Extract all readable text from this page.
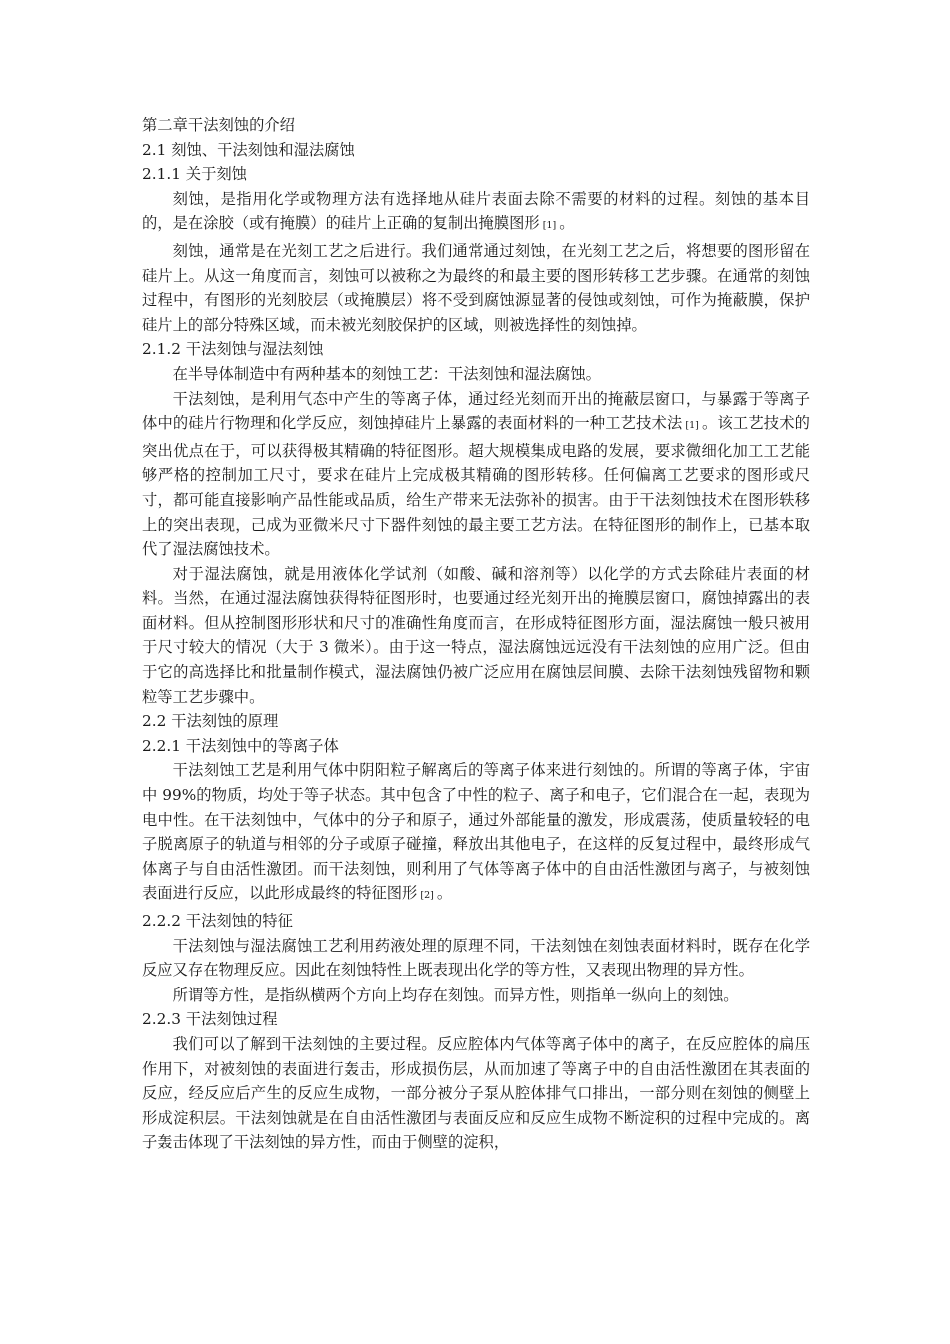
第二章干法刻蚀的介绍

2.1 刻蚀、干法刻蚀和湿法腐蚀

2.1.1 关于刻蚀

刻蚀，是指用化学或物理方法有选择地从硅片表面去除不需要的材料的过程。刻蚀的基本目的，是在涂胶（或有掩膜）的硅片上正确的复制出掩膜图形 [1] 。

刻蚀，通常是在光刻工艺之后进行。我们通常通过刻蚀，在光刻工艺之后，将想要的图形留在硅片上。从这一角度而言，刻蚀可以被称之为最终的和最主要的图形转移工艺步骤。在通常的刻蚀过程中，有图形的光刻胶层（或掩膜层）将不受到腐蚀源显著的侵蚀或刻蚀，可作为掩蔽膜，保护硅片上的部分特殊区域，而未被光刻胶保护的区域，则被选择性的刻蚀掉。

2.1.2 干法刻蚀与湿法刻蚀

在半导体制造中有两种基本的刻蚀工艺：干法刻蚀和湿法腐蚀。

干法刻蚀，是利用气态中产生的等离子体，通过经光刻而开出的掩蔽层窗口，与暴露于等离子体中的硅片行物理和化学反应，刻蚀掉硅片上暴露的表面材料的一种工艺技术法 [1] 。该工艺技术的突出优点在于，可以获得极其精确的特征图形。超大规模集成电路的发展，要求微细化加工工艺能够严格的控制加工尺寸，要求在硅片上完成极其精确的图形转移。任何偏离工艺要求的图形或尺寸，都可能直接影响产品性能或品质，给生产带来无法弥补的损害。由于干法刻蚀技术在图形轶移上的突出表现，己成为亚微米尺寸下器件刻蚀的最主要工艺方法。在特征图形的制作上，已基本取代了湿法腐蚀技术。

对于湿法腐蚀，就是用液体化学试剂（如酸、碱和溶剂等）以化学的方式去除硅片表面的材料。当然，在通过湿法腐蚀获得特征图形时，也要通过经光刻开出的掩膜层窗口，腐蚀掉露出的表面材料。但从控制图形形状和尺寸的准确性角度而言，在形成特征图形方面，湿法腐蚀一般只被用于尺寸较大的情况（大于 3 微米）。由于这一特点，湿法腐蚀远远没有干法刻蚀的应用广泛。但由于它的高选择比和批量制作模式，湿法腐蚀仍被广泛应用在腐蚀层间膜、去除干法刻蚀残留物和颗粒等工艺步骤中。

2.2 干法刻蚀的原理

2.2.1 干法刻蚀中的等离子体

干法刻蚀工艺是利用气体中阴阳粒子解离后的等离子体来进行刻蚀的。所谓的等离子体，宇宙中 99%的物质，均处于等子状态。其中包含了中性的粒子、离子和电子，它们混合在一起，表现为电中性。在干法刻蚀中，气体中的分子和原子，通过外部能量的激发，形成震荡，使质量较轻的电子脱离原子的轨道与相邻的分子或原子碰撞，释放出其他电子，在这样的反复过程中，最终形成气体离子与自由活性激团。而干法刻蚀，则利用了气体等离子体中的自由活性激团与离子，与被刻蚀表面进行反应，以此形成最终的特征图形 [2] 。

2.2.2 干法刻蚀的特征

干法刻蚀与湿法腐蚀工艺利用药液处理的原理不同，干法刻蚀在刻蚀表面材料时，既存在化学反应又存在物理反应。因此在刻蚀特性上既表现出化学的等方性，又表现出物理的异方性。

所谓等方性，是指纵横两个方向上均存在刻蚀。而异方性，则指单一纵向上的刻蚀。

2.2.3 干法刻蚀过程

我们可以了解到干法刻蚀的主要过程。反应腔体内气体等离子体中的离子，在反应腔体的扁压作用下，对被刻蚀的表面进行轰击，形成损伤层，从而加速了等离子中的自由活性激团在其表面的反应，经反应后产生的反应生成物，一部分被分子泵从腔体排气口排出，一部分则在刻蚀的侧壁上形成淀积层。干法刻蚀就是在自由活性激团与表面反应和反应生成物不断淀积的过程中完成的。离子轰击体现了干法刻蚀的异方性，而由于侧壁的淀积，
